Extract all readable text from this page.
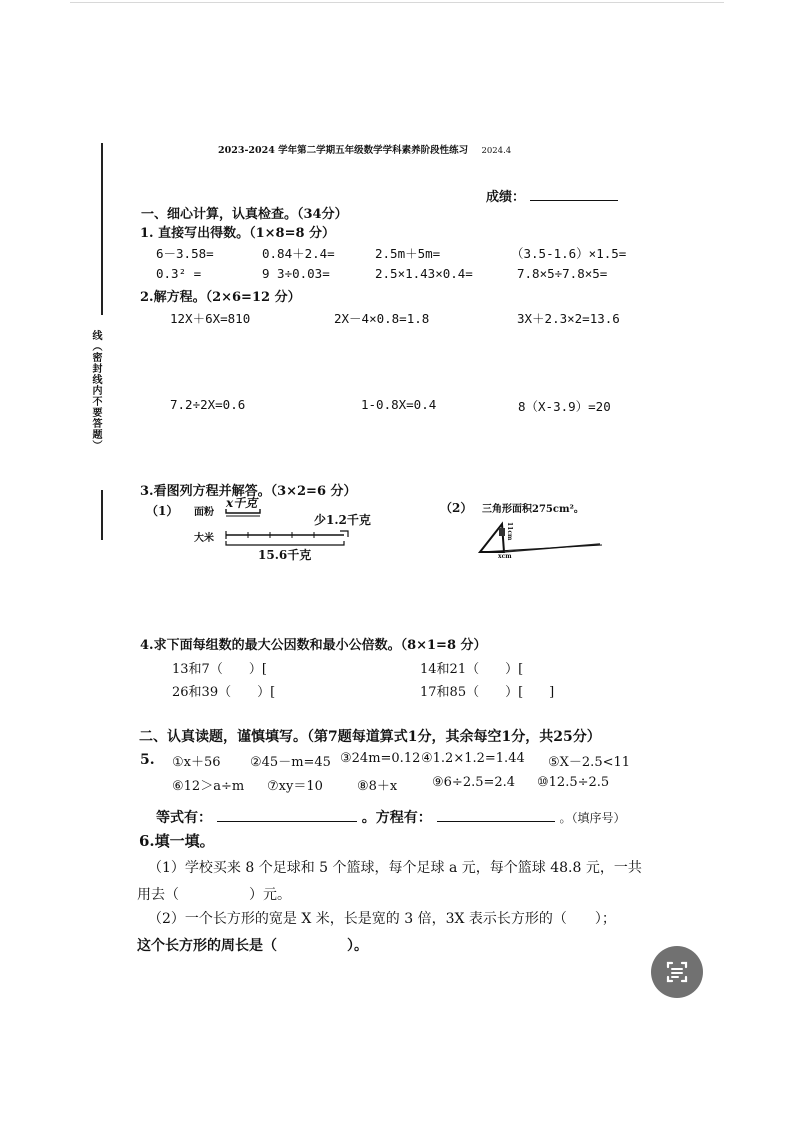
线（密封线内不要答题）
2023-2024 学年第二学期五年级数学学科素养阶段性练习 2024.4
成绩：
一、细心计算，认真检查。（34分）
1. 直接写出得数。（1×8=8 分）
6－3.58=	0.84＋2.4=	2.5m＋5m=	（3.5-1.6）×1.5=
0.3² =	9 3÷0.03=	2.5×1.43×0.4=	7.8×5÷7.8×5=
2.解方程。（2×6=12 分）
12X＋6X=810	2X－4×0.8=1.8	3X＋2.3×2=13.6
7.2÷2X=0.6	1-0.8X=0.4	8（X-3.9）=20
3.看图列方程并解答。（3×2=6 分）
（1） 面粉
x千克
少1.2千克
大米
15.6千克
（2） 三角形面积275cm²。
11cm
xcm
4.求下面每组数的最大公因数和最小公倍数。（8×1=8 分）
13和7（　　）[	14和21（　　）[　　
26和39（　　）[	17和85（　　）[　　]
二、认真读题，谨慎填写。（第7题每道算式1分，其余每空1分，共25分）
5. ①x＋56 ②45－m=45 ③24m=0.12 ④1.2×1.2=1.44 ⑤X－2.5<11
⑥12＞a÷m ⑦xy＝10	⑧8＋x	⑨6÷2.5=2.4 ⑩12.5÷2.5
等式有：	。方程有：	。（填序号）
6.填一填。
（1）学校买来 8 个足球和 5 个篮球，每个足球 a 元，每个篮球 48.8 元，一共
用去（　　　　　）元。
（2）一个长方形的宽是 X 米，长是宽的 3 倍，3X 表示长方形的（　　）；
这个长方形的周长是（　　　　　）。
